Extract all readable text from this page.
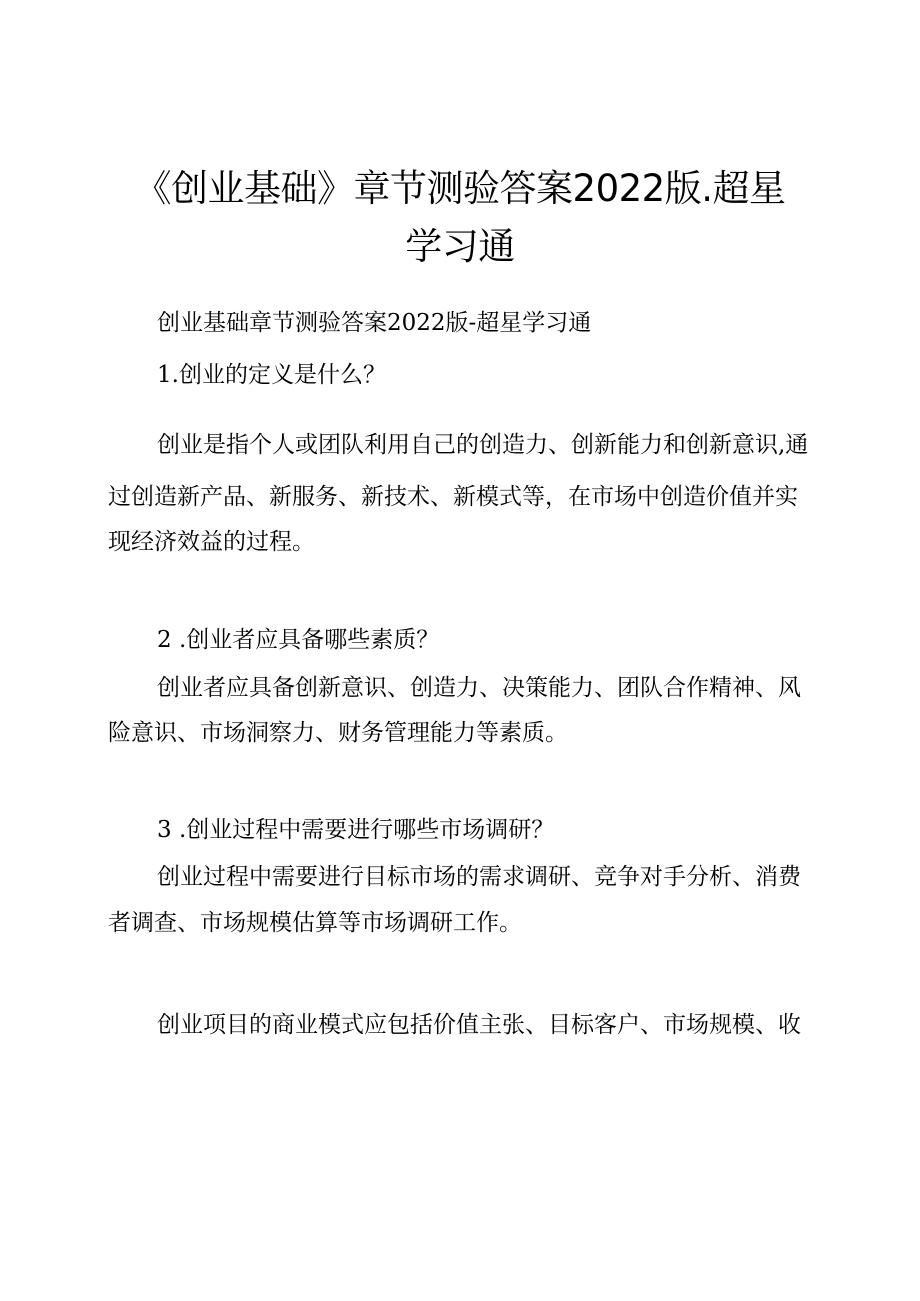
《创业基础》章节测验答案2022版.超星
学习通
创业基础章节测验答案2022版-超星学习通
1.创业的定义是什么？
创业是指个人或团队利用自己的创造力、创新能力和创新意识,通
过创造新产品、新服务、新技术、新模式等，在市场中创造价值并实
现经济效益的过程。
2 .创业者应具备哪些素质？
创业者应具备创新意识、创造力、决策能力、团队合作精神、风
险意识、市场洞察力、财务管理能力等素质。
3 .创业过程中需要进行哪些市场调研？
创业过程中需要进行目标市场的需求调研、竞争对手分析、消费
者调查、市场规模估算等市场调研工作。
创业项目的商业模式应包括价值主张、目标客户、市场规模、收
